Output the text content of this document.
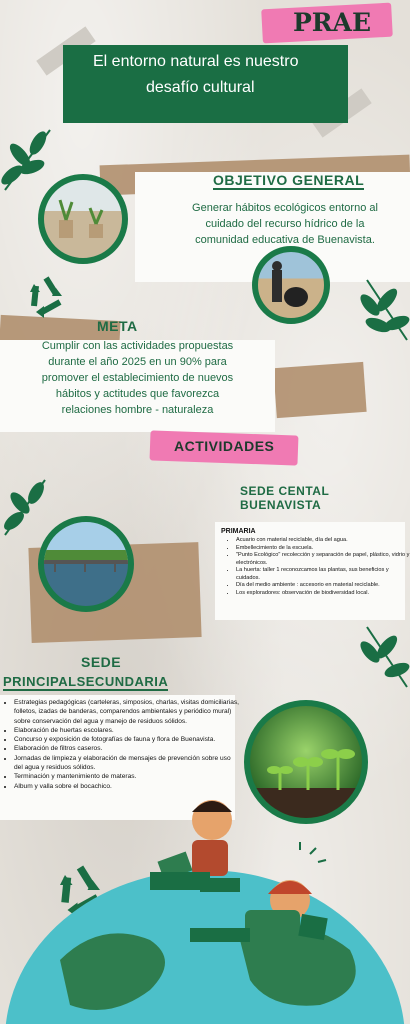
PRAE
El entorno natural es nuestro
desafío cultural
OBJETIVO GENERAL
Generar hábitos ecológicos entorno al cuidado del recurso hídrico de la comunidad educativa de Buenavista.
META
Cumplir con las actividades propuestas durante el año 2025 en un 90% para promover el establecimiento de nuevos hábitos y actitudes que favorezca relaciones hombre - naturaleza
ACTIVIDADES
SEDE CENTAL BUENAVISTA
PRIMARIA
• Acuario con material reciclable, día del agua.
• Embellecimiento de la escuela.
• "Punto Ecológico" recolección y separación de papel, plástico, vidrio y electrónicos.
• La huerta: taller 1 reconozcamos las plantas, sus beneficios y cuidados.
• Día del medio ambiente : accesorio en material reciclable.
• Los exploradores: observación de biodiversidad local.
SEDE
PRINCIPALSECUNDARIA
• Estrategias pedagógicas (carteleras, simposios, charlas, visitas domiciliarias, folletos, izadas de banderas, comparendos ambientales y periódico mural) sobre conservación del agua y manejo de residuos sólidos.
• Elaboración de huertas escolares.
• Concurso y exposición de fotografías de fauna y flora de Buenavista.
• Elaboración de filtros caseros.
• Jornadas de limpieza y elaboración de mensajes de prevención sobre uso del agua y residuos sólidos.
• Terminación y mantenimiento de materas.
• Album y valla sobre el bocachico.
